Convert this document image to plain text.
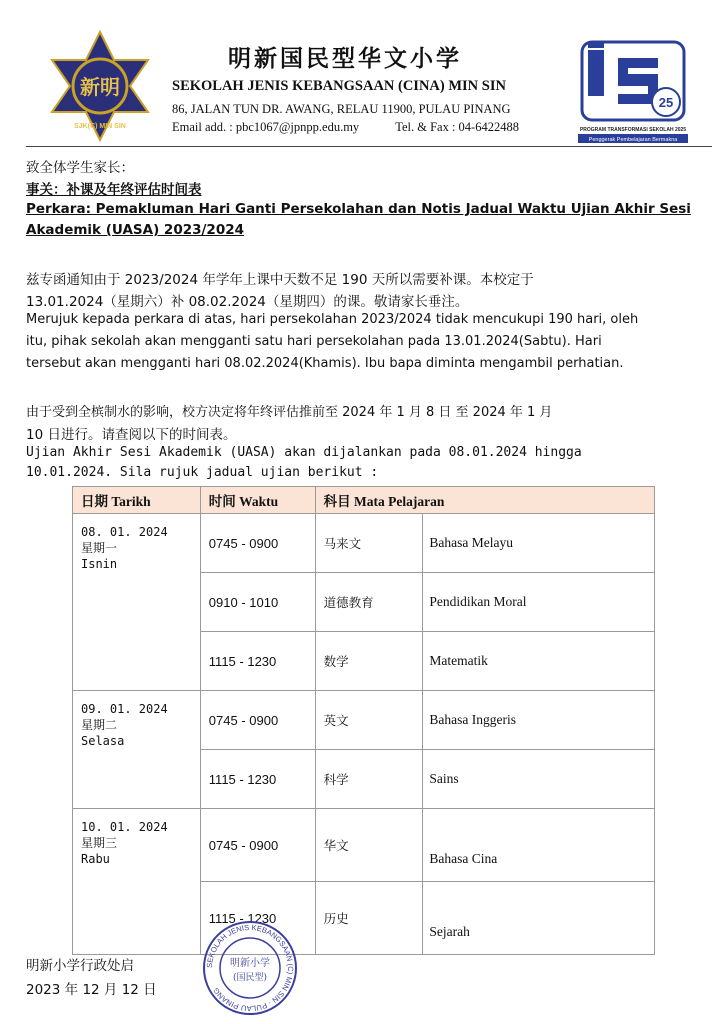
新明
SJK(C) MIN SIN
明新国民型华文小学
SEKOLAH JENIS KEBANGSAAN (CINA) MIN SIN
86, JALAN TUN DR. AWANG, RELAU 11900, PULAU PINANG
Email add. : pbc1067@jpnpp.edu.my	Tel. & Fax : 04-6422488
25
PROGRAM TRANSFORMASI SEKOLAH 2025
Penggerak Pembelajaran Bermakna
致全体学生家长：
事关：补课及年终评估时间表
Perkara: Pemakluman Hari Ganti Persekolahan dan Notis Jadual Waktu Ujian Akhir Sesi
Akademik (UASA) 2023/2024
兹专函通知由于 2023/2024 年学年上课中天数不足 190 天所以需要补课。本校定于
13.01.2024（星期六）补 08.02.2024（星期四）的课。敬请家长垂注。
Merujuk kepada perkara di atas, hari persekolahan 2023/2024 tidak mencukupi 190 hari, oleh
itu, pihak sekolah akan mengganti satu hari persekolahan pada 13.01.2024(Sabtu). Hari
tersebut akan mengganti hari 08.02.2024(Khamis). Ibu bapa diminta mengambil perhatian.
由于受到全槟制水的影响，校方决定将年终评估推前至 2024 年 1 月 8 日 至 2024 年 1 月
10 日进行。请查阅以下的时间表。
Ujian Akhir Sesi Akademik (UASA) akan dijalankan pada 08.01.2024 hingga
10.01.2024. Sila rujuk jadual ujian berikut :
日期 Tarikh	时间 Waktu	科目 Mata Pelajaran	

08. 01. 2024
星期一
Isnin	0745 - 0900	马来文	Bahasa Melayu
	0910 - 1010	道德教育	Pendidikan Moral
	1115 - 1230	数学	Matematik

09. 01. 2024
星期二
Selasa	0745 - 0900	英文	Bahasa Inggeris
	1115 - 1230	科学	Sains

10. 01. 2024
星期三
Rabu	0745 - 0900	华文	Bahasa Cina
	1115 - 1230	历史	Sejarah
明新小学行政处启
2023 年 12 月 12 日
SEKOLAH JENIS KEBANGSAAN (C) MIN SIN · PULAU PINANG
明新小学
(国民型)
